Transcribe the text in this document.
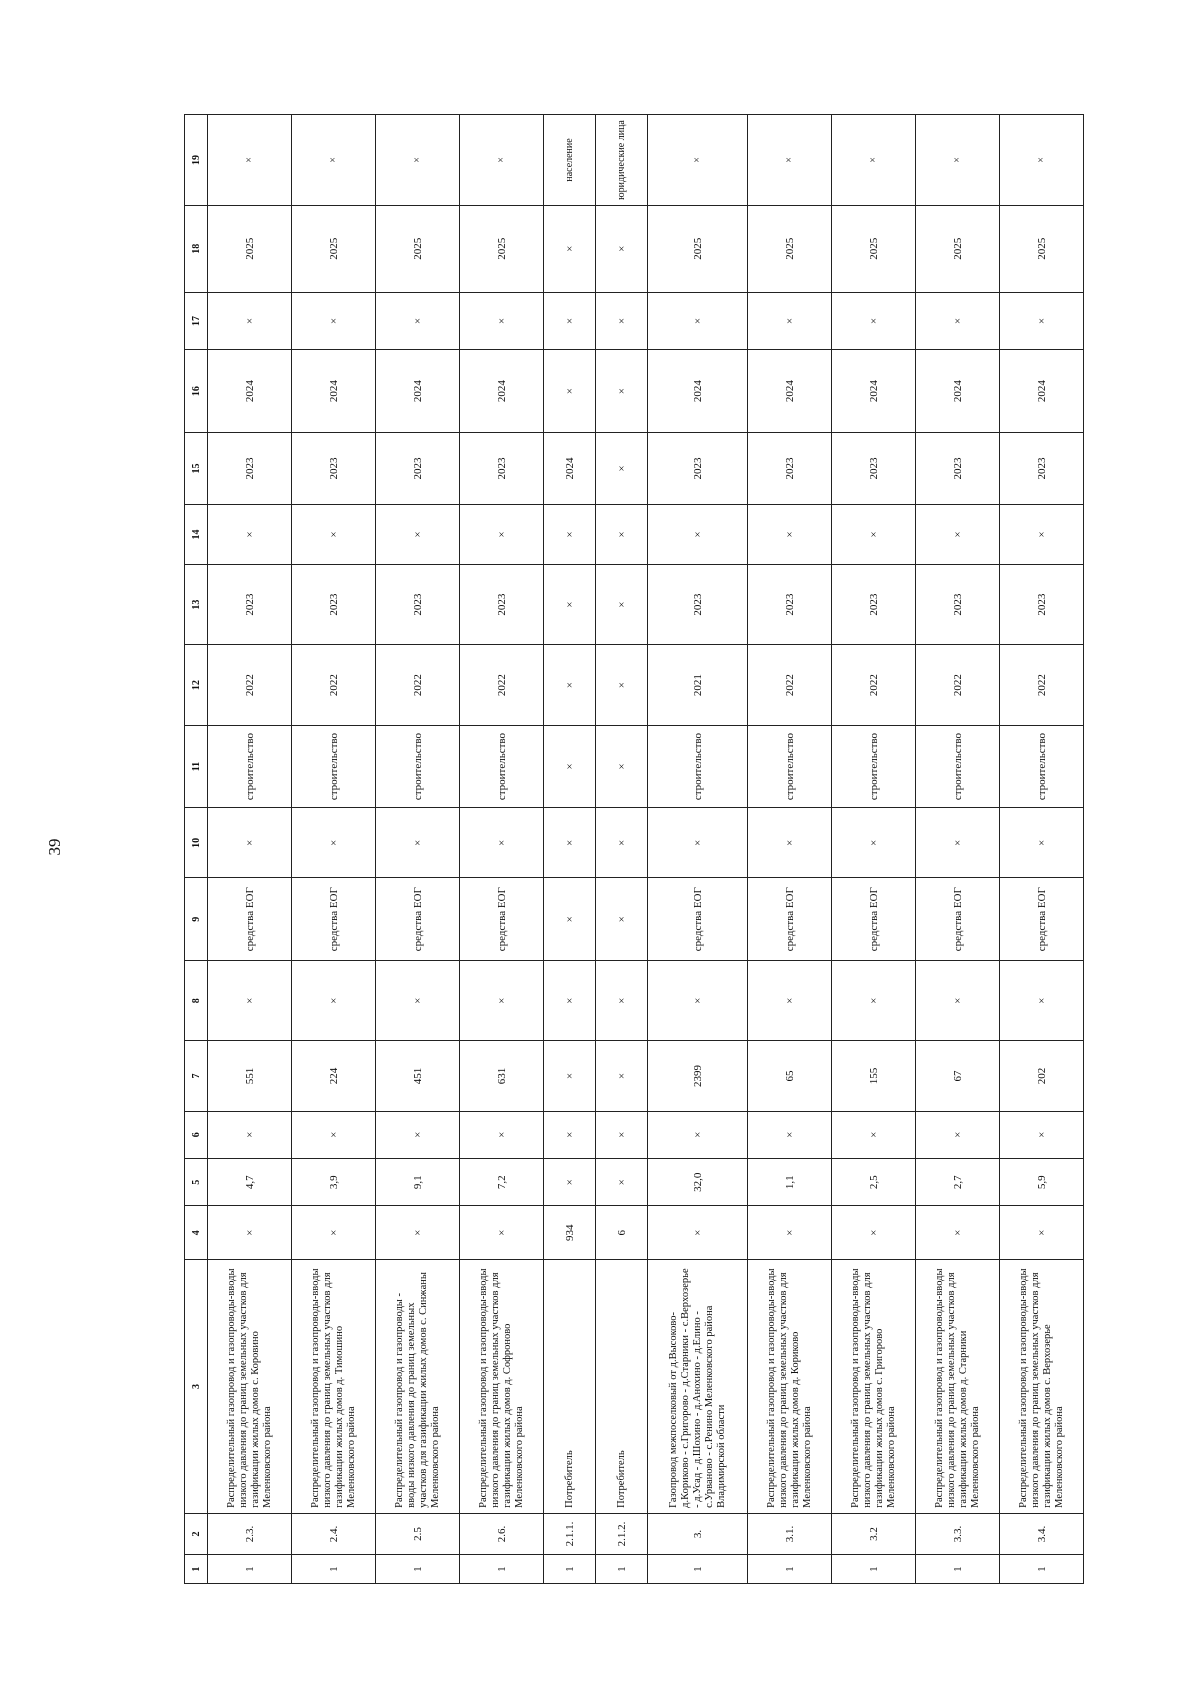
39
1	2	3	4	5	6	7	8	9	10	11	12	13	14	15	16	17	18	19
1	2.3.	Распределительный газопровод и газопроводы-вводы низкого давления до границ земельных участков для газификации жилых домов с. Коровино Меленковского района	×	4,7	×	551	×	средства ЕОГ	×	строительство	2022	2023	×	2023	2024	×	2025	×
1	2.4.	Распределительный газопровод и газопроводы-вводы низкого давления до границ земельных участков для газификации жилых домов д. Тимошино Меленковского района	×	3,9	×	224	×	средства ЕОГ	×	строительство	2022	2023	×	2023	2024	×	2025	×
1	2.5	Распределительный газопровод и газопроводы - вводы низкого давления до границ земельных участков для газификации жилых домов с. Синжаны Меленковского района	×	9,1	×	451	×	средства ЕОГ	×	строительство	2022	2023	×	2023	2024	×	2025	×
1	2.6.	Распределительный газопровод и газопроводы-вводы низкого давления до границ земельных участков для газификации жилых домов д. Софроново Меленковского района	×	7,2	×	631	×	средства ЕОГ	×	строительство	2022	2023	×	2023	2024	×	2025	×
1	2.1.1.	Потребитель	934	×	×	×	×	×	×	×	×	×	×	2024	×	×	×	население
1	2.1.2.	Потребитель	6	×	×	×	×	×	×	×	×	×	×	×	×	×	×	юридические лица
1	3.	Газопровод межпоселковый от д.Высоково- д.Кориково - с.Григорово - д.Старники - с.Верхозерье - д.Усад - д.Шохино - д.Анохино - д.Елино - с.Урвановo - с.Ренино Меленковского района Владимирской области	×	32,0	×	2399	×	средства ЕОГ	×	строительство	2021	2023	×	2023	2024	×	2025	×
1	3.1.	Распределительный газопровод и газопроводы-вводы низкого давления до границ земельных участков для газификации жилых домов д. Кориково Меленковского района	×	1,1	×	65	×	средства ЕОГ	×	строительство	2022	2023	×	2023	2024	×	2025	×
1	3.2	Распределительный газопровод и газопроводы-вводы низкого давления до границ земельных участков для газификации жилых домов с. Григорово Меленковского района	×	2,5	×	155	×	средства ЕОГ	×	строительство	2022	2023	×	2023	2024	×	2025	×
1	3.3.	Распределительный газопровод и газопроводы-вводы низкого давления до границ земельных участков для газификации жилых домов д. Старники Меленковского района	×	2,7	×	67	×	средства ЕОГ	×	строительство	2022	2023	×	2023	2024	×	2025	×
1	3.4.	Распределительный газопровод и газопроводы-вводы низкого давления до границ земельных участков для газификации жилых домов с. Верхозерье Меленковского района	×	5,9	×	202	×	средства ЕОГ	×	строительство	2022	2023	×	2023	2024	×	2025	×
